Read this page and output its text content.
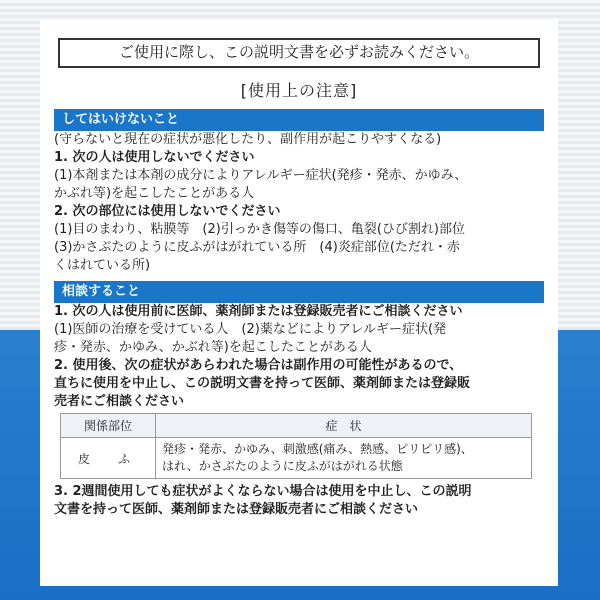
ご使用に際し、この説明文書を必ずお読みください。
[使用上の注意]
してはいけないこと
(守らないと現在の症状が悪化したり、副作用が起こりやすくなる)
1. 次の人は使用しないでください
(1)本剤または本剤の成分によりアレルギー症状(発疹・発赤、かゆみ、
かぶれ等)を起こしたことがある人
2. 次の部位には使用しないでください
(1)目のまわり、粘膜等　(2)引っかき傷等の傷口、亀裂(ひび割れ)部位
(3)かさぶたのように皮ふがはがれている所　(4)炎症部位(ただれ・赤
くはれている所)
相談すること
1. 次の人は使用前に医師、薬剤師または登録販売者にご相談ください
(1)医師の治療を受けている人　(2)薬などによりアレルギー症状(発
疹・発赤、かゆみ、かぶれ等)を起こしたことがある人
2. 使用後、次の症状があらわれた場合は副作用の可能性があるので、
直ちに使用を中止し、この説明文書を持って医師、薬剤師または登録販
売者にご相談ください
関係部位	症　状
皮　ふ	発疹・発赤、かゆみ、刺激感(痛み、熱感、ピリピリ感)、
はれ、かさぶたのように皮ふがはがれる状態
3. 2週間使用しても症状がよくならない場合は使用を中止し、この説明
文書を持って医師、薬剤師または登録販売者にご相談ください
